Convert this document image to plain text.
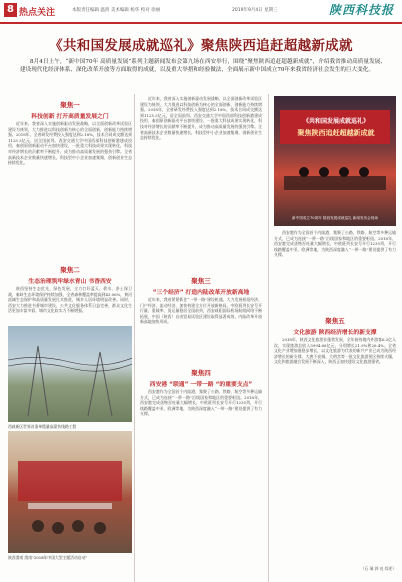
8 热点关注	本版责任编辑 温鸿 美术编辑 杨华 校对 徐丽	2019年9月4日 星期三	陕西科技报
《共和国发展成就巡礼》聚焦陕西追赶超越新成就
8月4日上午，“新中国70年 高质量发展”系列主题新闻发布会第九场在西安举行，围绕“聚焦陕西追赶超越新成就”，介绍我省推动高质量发展、建设现代化经济体系、深化改革开放等方面取得的成就，以及重大举措和经验做法，全面展示新中国成立70年来我省经济社会发生的巨大变化。
聚焦一
科技创新 打开高质量发展之门
近年来，我省深入实施创新驱动发展战略，以全面创新改革试验区建设为统领，大力推进以科技创新为核心的全面创新，创新能力持续增强。2018年，全省研发经费投入强度达到2.18%，技术合同成交额达到1125.3亿元，居全国前列。西安交通大学中国西部科技创新港建成投用，秦创原创新驱动平台加快建设，一批重大科技成果实现转化，科技对经济增长的贡献率不断提升，成为推动高质量发展的强劲引擎。全省高新技术企业数量快速增长，科技型中小企业加速集聚，创新创业生态持续优化。
聚焦二
生态治理筑牢绿水青山 书香西安
陕西坚持生态优先、绿色发展，全力打好蓝天、碧水、净土保卫战，秦岭生态环境保护持续加强，全省森林覆盖率提高到43.06%，黄河流域生态保护和高质量发展扎实推进，城乡人居环境明显改善。同时，西安大力推进书香城市建设，公共文化服务体系日益完善，群众文化生活更加丰富多彩，城市文化软实力不断增强。
西咸新区世界首条单缆量高梁扶线路工程
陕西渭南 渭南“2018年中国大型主题活动启动”
近年来，我省深入实施创新驱动发展战略，以全面创新改革试验区建设为统领，大力推进以科技创新为核心的全面创新，创新能力持续增强。2018年，全省研发经费投入强度达到2.18%，技术合同成交额达到1125.3亿元，居全国前列。西安交通大学中国西部科技创新港建成投用，秦创原创新驱动平台加快建设，一批重大科技成果实现转化，科技对经济增长的贡献率不断提升，成为推动高质量发展的强劲引擎。全省高新技术企业数量快速增长，科技型中小企业加速集聚，创新创业生态持续优化。
聚焦三
“三个经济” 打造内陆改革开放新高地
近年来，我省紧紧抓住“一带一路”建设机遇，大力发展枢纽经济、门户经济、流动经济，加快构建全方位开放新格局。中欧班列长安号开行量、重载率、货运量稳居全国前列，西安咸阳国际机场航线网络不断拓展，中国（陕西）自由贸易试验区建设取得显著成效，内陆改革开放新高地加快形成。
聚焦四
西安港 “联通” 一带一路 “的重要支点”
西安港作为全国首个内陆港，集聚了公路、铁路、航空等多种运输方式，已成为连接“一带一路”沿线国家和地区的重要枢纽。2018年，西安港完成货物吞吐量大幅增长，中欧班列长安号开行1235列，开行线路覆盖中亚、欧洲等地，为陕西深度融入“一带一路”建设提供了有力支撑。
《共和国发展成就巡礼》
聚焦陕西追赶超越新成就
新中国成立70周年 陕西发展成就巡礼 新闻发布会现场
西安港作为全国首个内陆港，集聚了公路、铁路、航空等多种运输方式，已成为连接“一带一路”沿线国家和地区的重要枢纽。2018年，西安港完成货物吞吐量大幅增长，中欧班列长安号开行1235列，开行线路覆盖中亚、欧洲等地，为陕西深度融入“一带一路”建设提供了有力支撑。
聚焦五
文化旅游 陕西经济增长的新支撑
2018年，陕西文化旅游业蓬勃发展，全年接待境内外游客6.3亿人次，实现旅游总收入5994.66亿元，分别增长21.9%和26.4%。全省文化产业增加值稳步增长，以文化旅游为代表的新兴产业已成为陕西经济增长的新支撑。大唐不夜城、大明宫等一批文化旅游景区持续火爆，文化和旅游融合发展不断深入，陕西正加快建设文化旅游强省。
（石 瑞 郭 亮 综述）
